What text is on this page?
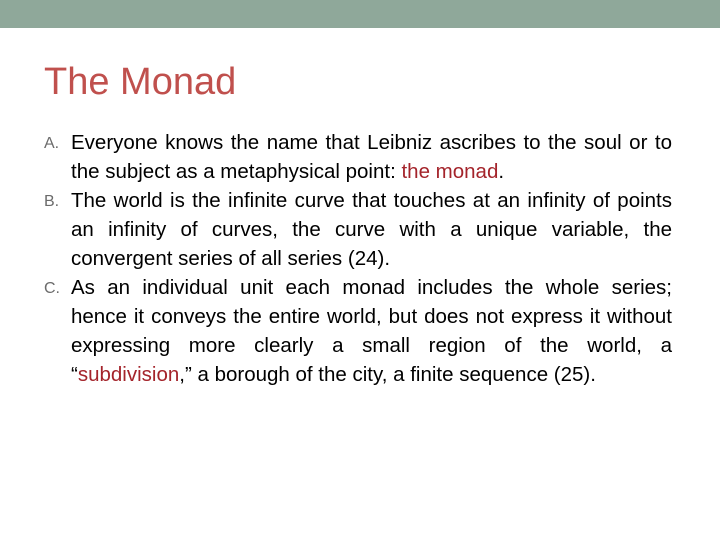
The Monad
A. Everyone knows the name that Leibniz ascribes to the soul or to the subject as a metaphysical point: the monad.
B. The world is the infinite curve that touches at an infinity of points an infinity of curves, the curve with a unique variable, the convergent series of all series (24).
C. As an individual unit each monad includes the whole series; hence it conveys the entire world, but does not express it without expressing more clearly a small region of the world, a “subdivision,” a borough of the city, a finite sequence (25).
